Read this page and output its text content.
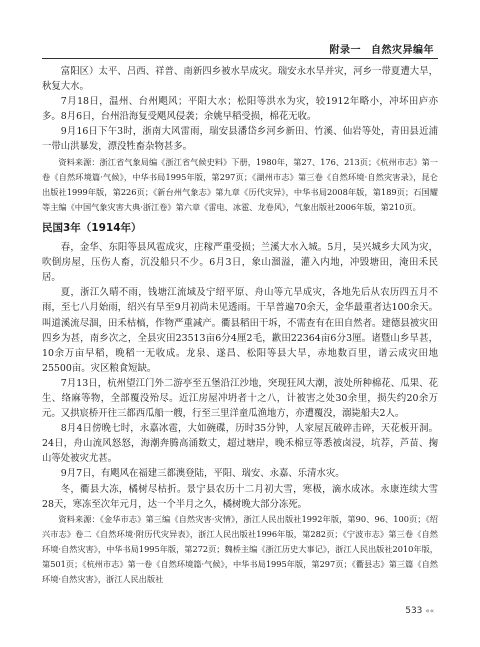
附录一 自然灾异编年

富阳区）太平、吕西、祥普、南新四乡被水旱成灾。瑞安永水旱并灾，河乡一带夏遭大旱，秋复大水。

7月18日，温州、台州飓风；平阳大水；松阳等洪水为灾，较1912年略小，冲坏田庐亦多。8月6日，台州沿海复受飓风侵袭；余姚早稻受损，棉花无收。

9月16日下午3时，浙南大风雷雨，瑞安县潘岱乡河乡新田、竹溪、仙岩等处，青田县近浦一带山洪暴发，漂没牲畜杂物甚多。

资料来源：浙江省气象局编《浙江省气候史料》下册，1980年，第27、176、213页；《杭州市志》第一卷《自然环境篇·气候》，中华书局1995年版，第297页；《湖州市志》第三卷《自然环境·自然灾害录》，昆仑出版社1999年版，第226页；《新台州气象志》第九章《历代灾异》，中华书局2008年版，第189页；石国耀等主编《中国气象灾害大典·浙江卷》第六章《雷电、冰雹、龙卷风》，气象出版社2006年版，第210页。

民国3年（1914年）

春，金华、东阳等县风雹成灾，庄稼严重受损；兰溪大水入城。5月，吴兴城乡大风为灾，吹倒房屋，压伤人畜，沉没船只不少。6月3日，象山溜溢，灌入内地，冲毁塘田，淹田禾民居。

夏，浙江久晴不雨，钱塘江流域及宁绍平原、舟山等亢旱成灾，各地先后从农历四五月不雨，至七八月始雨，绍兴有旱至9月初尚未见透雨。干旱普遍70余天，金华最重者达100余天。叫道溪流尽涸，田禾枯槁，作物严重减产。衢县稻田干坼，不需查有在田自然者。建德县被灾田四乡为甚，南乡次之，全县灾田23513亩6分4厘2毛，歉田22364亩6分3厘。诸暨山乡旱甚，10余万亩早稻，晚稻一无收成。龙泉、遂昌、松阳等县大旱，赤地数百里，谱云成灾田地25500亩。灾区粮食短缺。

7月13日，杭州望江门外二游亭至五堡沿江沙地，突现狂风大潮，波处所种棉花、瓜果、花生、络麻等物，全部覆没殆尽。近江房屋冲坍者十之八，计被害之处30余里，损失约20余万元。又拱宸桥开往三都西瓜船一艘，行至三里洋童瓜渔地方，亦遭覆没，溺毙船夫2人。

8月4日傍晚七时，永嘉冰雹，大如碗碟，历时35分钟，人家屋瓦破碎击碎，天花板开洞。24日，舟山流风怒怒，海潮奔腾高涌数丈，超过塘岸，晚禾棉豆等悉被卤浸，坑荐，芦苗、掬山等处被灾尤甚。

9月7日，有飓风在福建三都澳登陆，平阳、瑞安、永嘉、乐清水灾。

冬，衢县大冻，橘树尽枯折。景宁县农历十二月初大雪，寒极，滴水成冰。永康连续大雪28天，寒冻至次年元月，达一个半月之久，橘树晚大部分冻死。

资料来源：《金华市志》第三编《自然灾害·灾情》，浙江人民出版社1992年版，第90、96、100页；《绍兴市志》卷二《自然环境·附历代灾异表》，浙江人民出版社1996年版，第282页；《宁波市志》第三卷《自然环境·自然灾害》，中华书局1995年版，第272页；魏桥主编《浙江历史大事记》，浙江人民出版社2010年版，第501页；《杭州市志》第一卷《自然环境篇·气候》，中华书局1995年版，第297页；《衢县志》第三篇《自然环境·自然灾害》，浙江人民出版社

533 ««
